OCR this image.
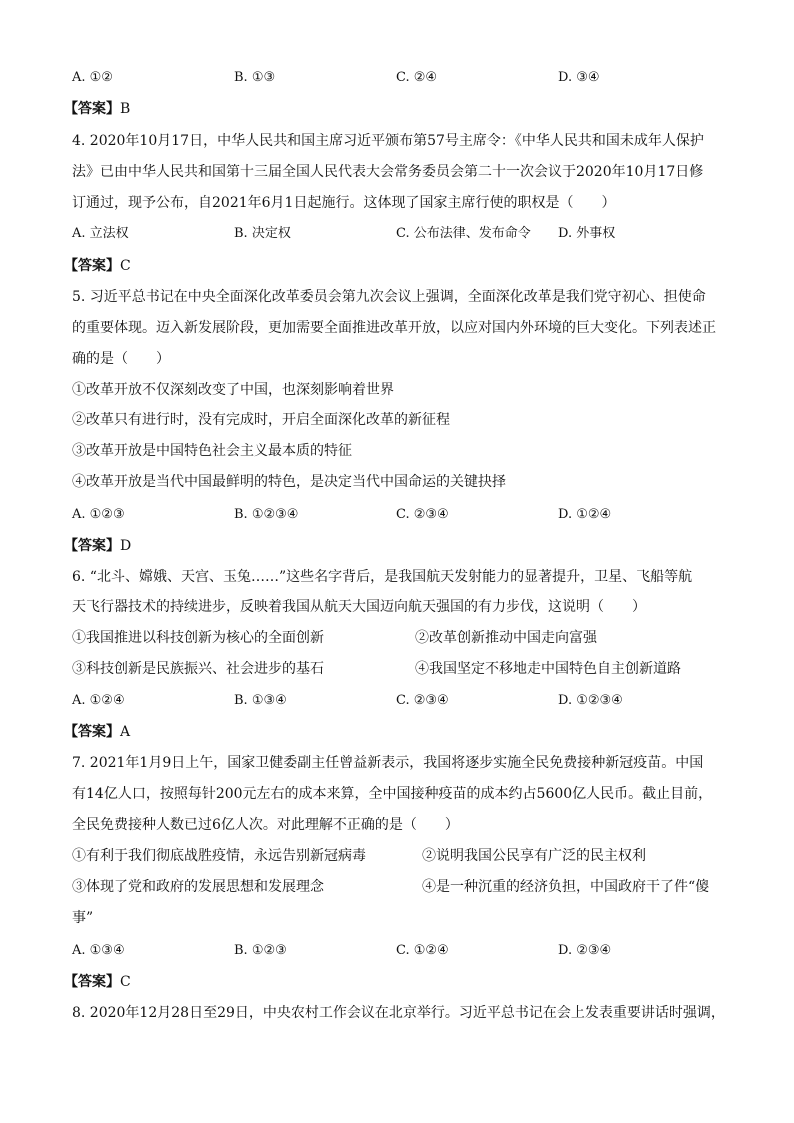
A. ①②	B. ①③	C. ②④	D. ③④
【答案】B
4. 2020年10月17日，中华人民共和国主席习近平颁布第57号主席令：《中华人民共和国未成年人保护
法》已由中华人民共和国第十三届全国人民代表大会常务委员会第二十一次会议于2020年10月17日修
订通过，现予公布，自2021年6月1日起施行。这体现了国家主席行使的职权是（　　）
A. 立法权	B. 决定权	C. 公布法律、发布命令 D. 外事权
【答案】C
5. 习近平总书记在中央全面深化改革委员会第九次会议上强调，全面深化改革是我们党守初心、担使命
的重要体现。迈入新发展阶段，更加需要全面推进改革开放，以应对国内外环境的巨大变化。下列表述正
确的是（　　）
①改革开放不仅深刻改变了中国，也深刻影响着世界
②改革只有进行时，没有完成时，开启全面深化改革的新征程
③改革开放是中国特色社会主义最本质的特征
④改革开放是当代中国最鲜明的特色，是决定当代中国命运的关键抉择
A. ①②③	B. ①②③④	C. ②③④	D. ①②④
【答案】D
6. “北斗、嫦娥、天宫、玉兔……”这些名字背后，是我国航天发射能力的显著提升，卫星、飞船等航
天飞行器技术的持续进步，反映着我国从航天大国迈向航天强国的有力步伐，这说明（　　）
①我国推进以科技创新为核心的全面创新	②改革创新推动中国走向富强
③科技创新是民族振兴、社会进步的基石	④我国坚定不移地走中国特色自主创新道路
A. ①②④	B. ①③④	C. ②③④	D. ①②③④
【答案】A
7. 2021年1月9日上午，国家卫健委副主任曾益新表示，我国将逐步实施全民免费接种新冠疫苗。中国
有14亿人口，按照每针200元左右的成本来算，全中国接种疫苗的成本约占5600亿人民币。截止目前，
全民免费接种人数已过6亿人次。对此理解不正确的是（　　）
①有利于我们彻底战胜疫情，永远告别新冠病毒	②说明我国公民享有广泛的民主权利
③体现了党和政府的发展思想和发展理念	④是一种沉重的经济负担，中国政府干了件“傻
事”
A. ①③④	B. ①②③	C. ①②④	D. ②③④
【答案】C
8. 2020年12月28日至29日，中央农村工作会议在北京举行。习近平总书记在会上发表重要讲话时强调，
